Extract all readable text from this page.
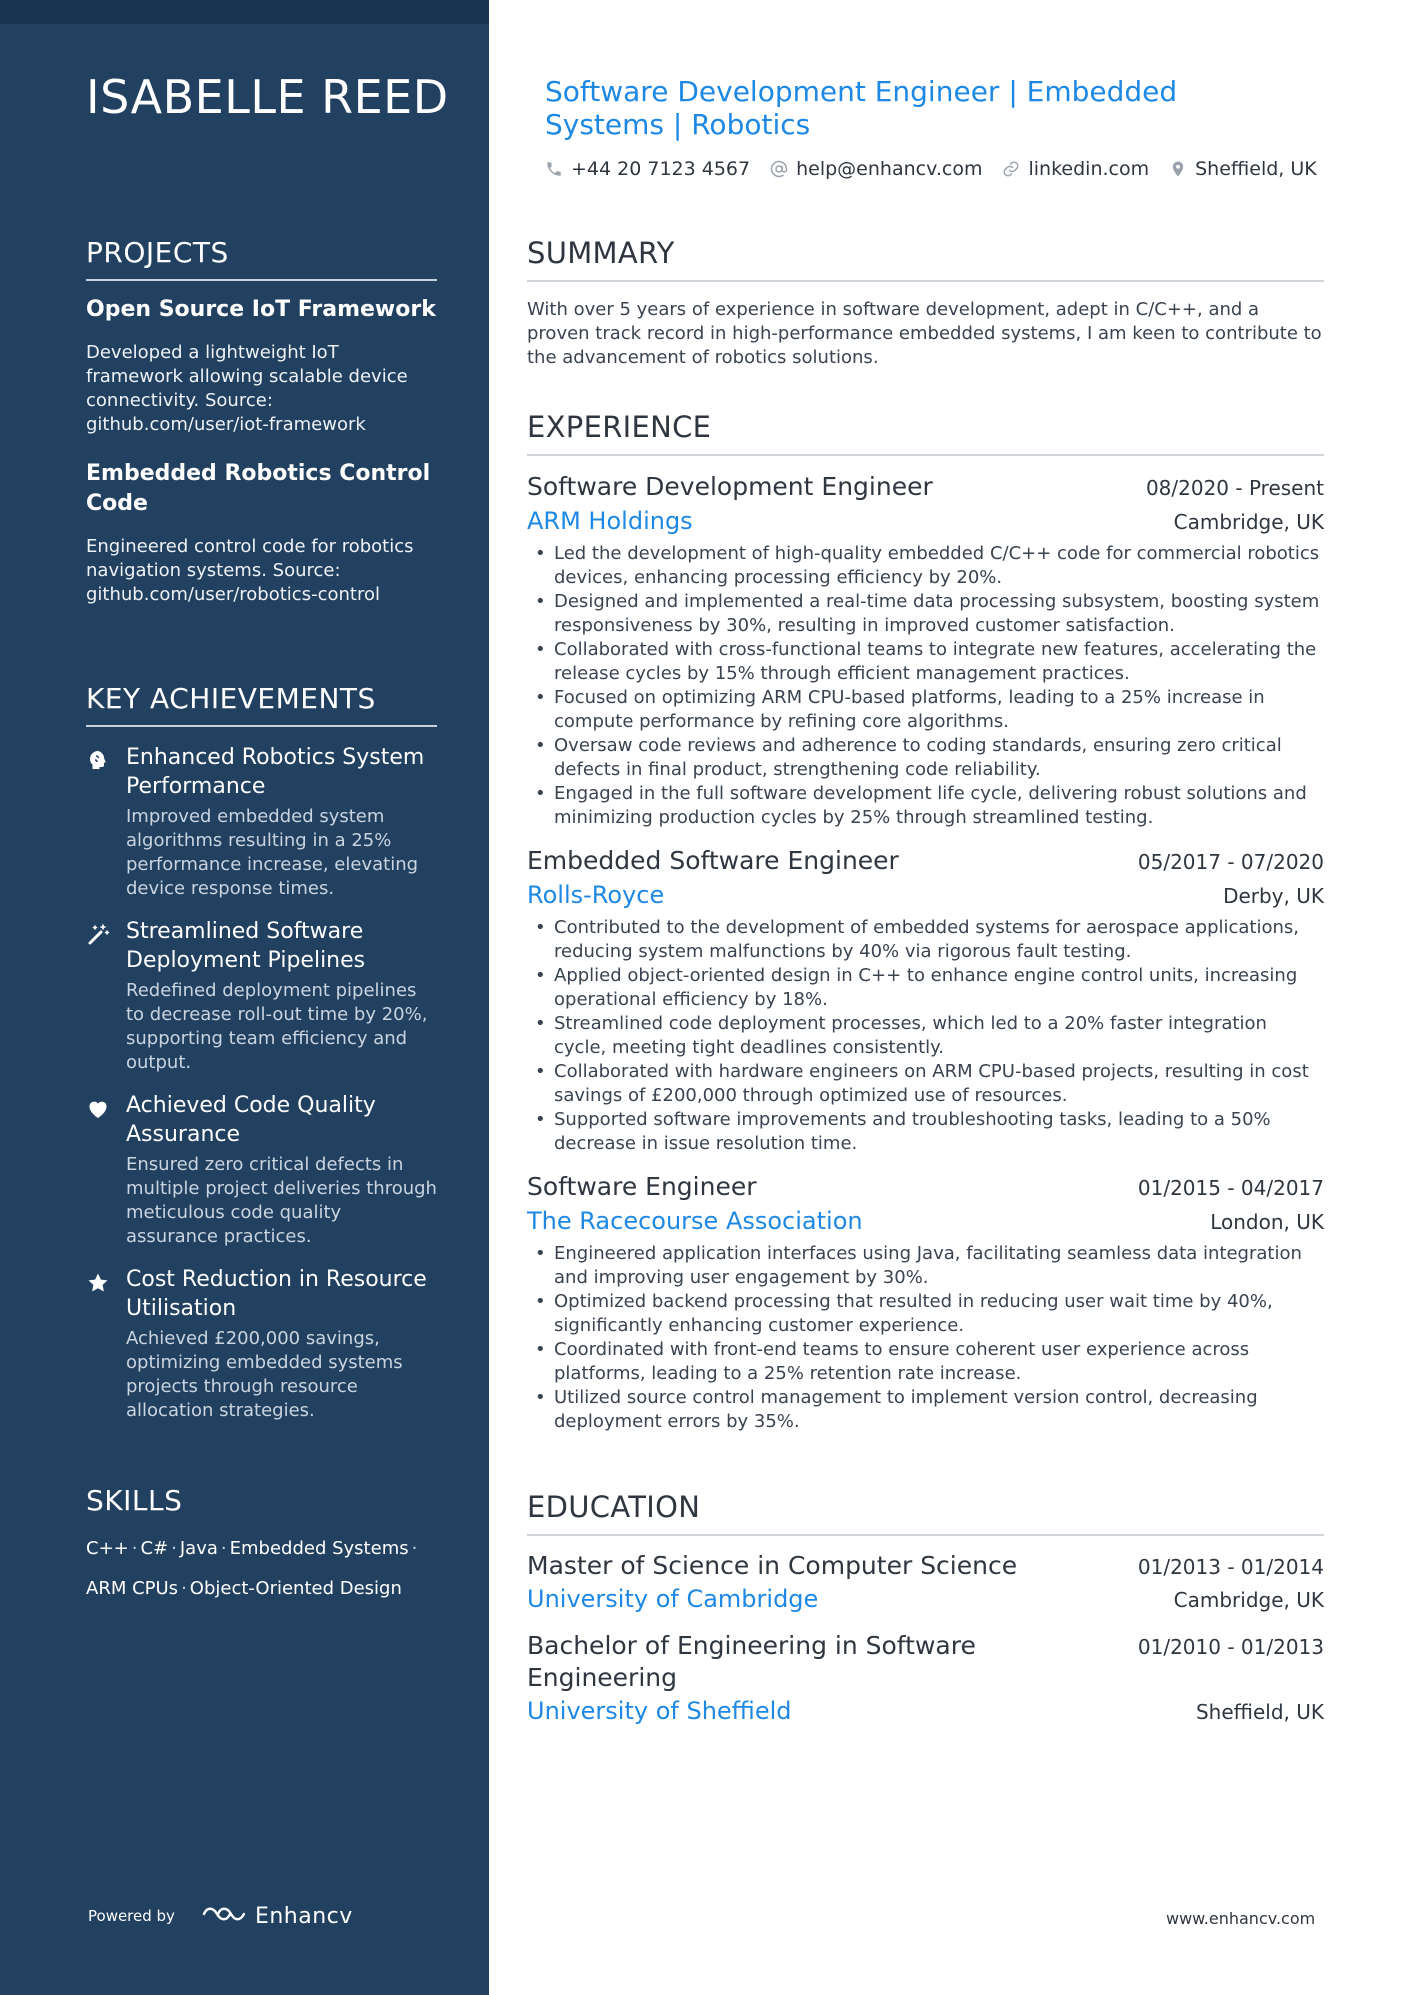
ISABELLE REED
PROJECTS
Open Source IoT Framework
Developed a lightweight IoT framework allowing scalable device connectivity. Source: github.com/user/iot-framework
Embedded Robotics Control Code
Engineered control code for robotics navigation systems. Source: github.com/user/robotics-control
KEY ACHIEVEMENTS
Enhanced Robotics System Performance
Improved embedded system algorithms resulting in a 25% performance increase, elevating device response times.
Streamlined Software Deployment Pipelines
Redefined deployment pipelines to decrease roll-out time by 20%, supporting team efficiency and output.
Achieved Code Quality Assurance
Ensured zero critical defects in multiple project deliveries through meticulous code quality assurance practices.
Cost Reduction in Resource Utilisation
Achieved £200,000 savings, optimizing embedded systems projects through resource allocation strategies.
SKILLS
C++ · C# · Java · Embedded Systems ·
ARM CPUs · Object-Oriented Design
Powered by	Enhancv
Software Development Engineer | Embedded Systems | Robotics
+44 20 7123 4567 help@enhancv.com linkedin.com Sheffield, UK
SUMMARY
With over 5 years of experience in software development, adept in C/C++, and a proven track record in high-performance embedded systems, I am keen to contribute to the advancement of robotics solutions.
EXPERIENCE
Software Development Engineer	08/2020 - Present
ARM Holdings	Cambridge, UK
• Led the development of high-quality embedded C/C++ code for commercial robotics devices, enhancing processing efficiency by 20%.
• Designed and implemented a real-time data processing subsystem, boosting system responsiveness by 30%, resulting in improved customer satisfaction.
• Collaborated with cross-functional teams to integrate new features, accelerating the release cycles by 15% through efficient management practices.
• Focused on optimizing ARM CPU-based platforms, leading to a 25% increase in compute performance by refining core algorithms.
• Oversaw code reviews and adherence to coding standards, ensuring zero critical defects in final product, strengthening code reliability.
• Engaged in the full software development life cycle, delivering robust solutions and minimizing production cycles by 25% through streamlined testing.
Embedded Software Engineer	05/2017 - 07/2020
Rolls-Royce	Derby, UK
• Contributed to the development of embedded systems for aerospace applications, reducing system malfunctions by 40% via rigorous fault testing.
• Applied object-oriented design in C++ to enhance engine control units, increasing operational efficiency by 18%.
• Streamlined code deployment processes, which led to a 20% faster integration cycle, meeting tight deadlines consistently.
• Collaborated with hardware engineers on ARM CPU-based projects, resulting in cost savings of £200,000 through optimized use of resources.
• Supported software improvements and troubleshooting tasks, leading to a 50% decrease in issue resolution time.
Software Engineer	01/2015 - 04/2017
The Racecourse Association	London, UK
• Engineered application interfaces using Java, facilitating seamless data integration and improving user engagement by 30%.
• Optimized backend processing that resulted in reducing user wait time by 40%, significantly enhancing customer experience.
• Coordinated with front-end teams to ensure coherent user experience across platforms, leading to a 25% retention rate increase.
• Utilized source control management to implement version control, decreasing deployment errors by 35%.
EDUCATION
Master of Science in Computer Science	01/2013 - 01/2014
University of Cambridge	Cambridge, UK
Bachelor of Engineering in Software Engineering
01/2010 - 01/2013
University of Sheffield	Sheffield, UK
www.enhancv.com
